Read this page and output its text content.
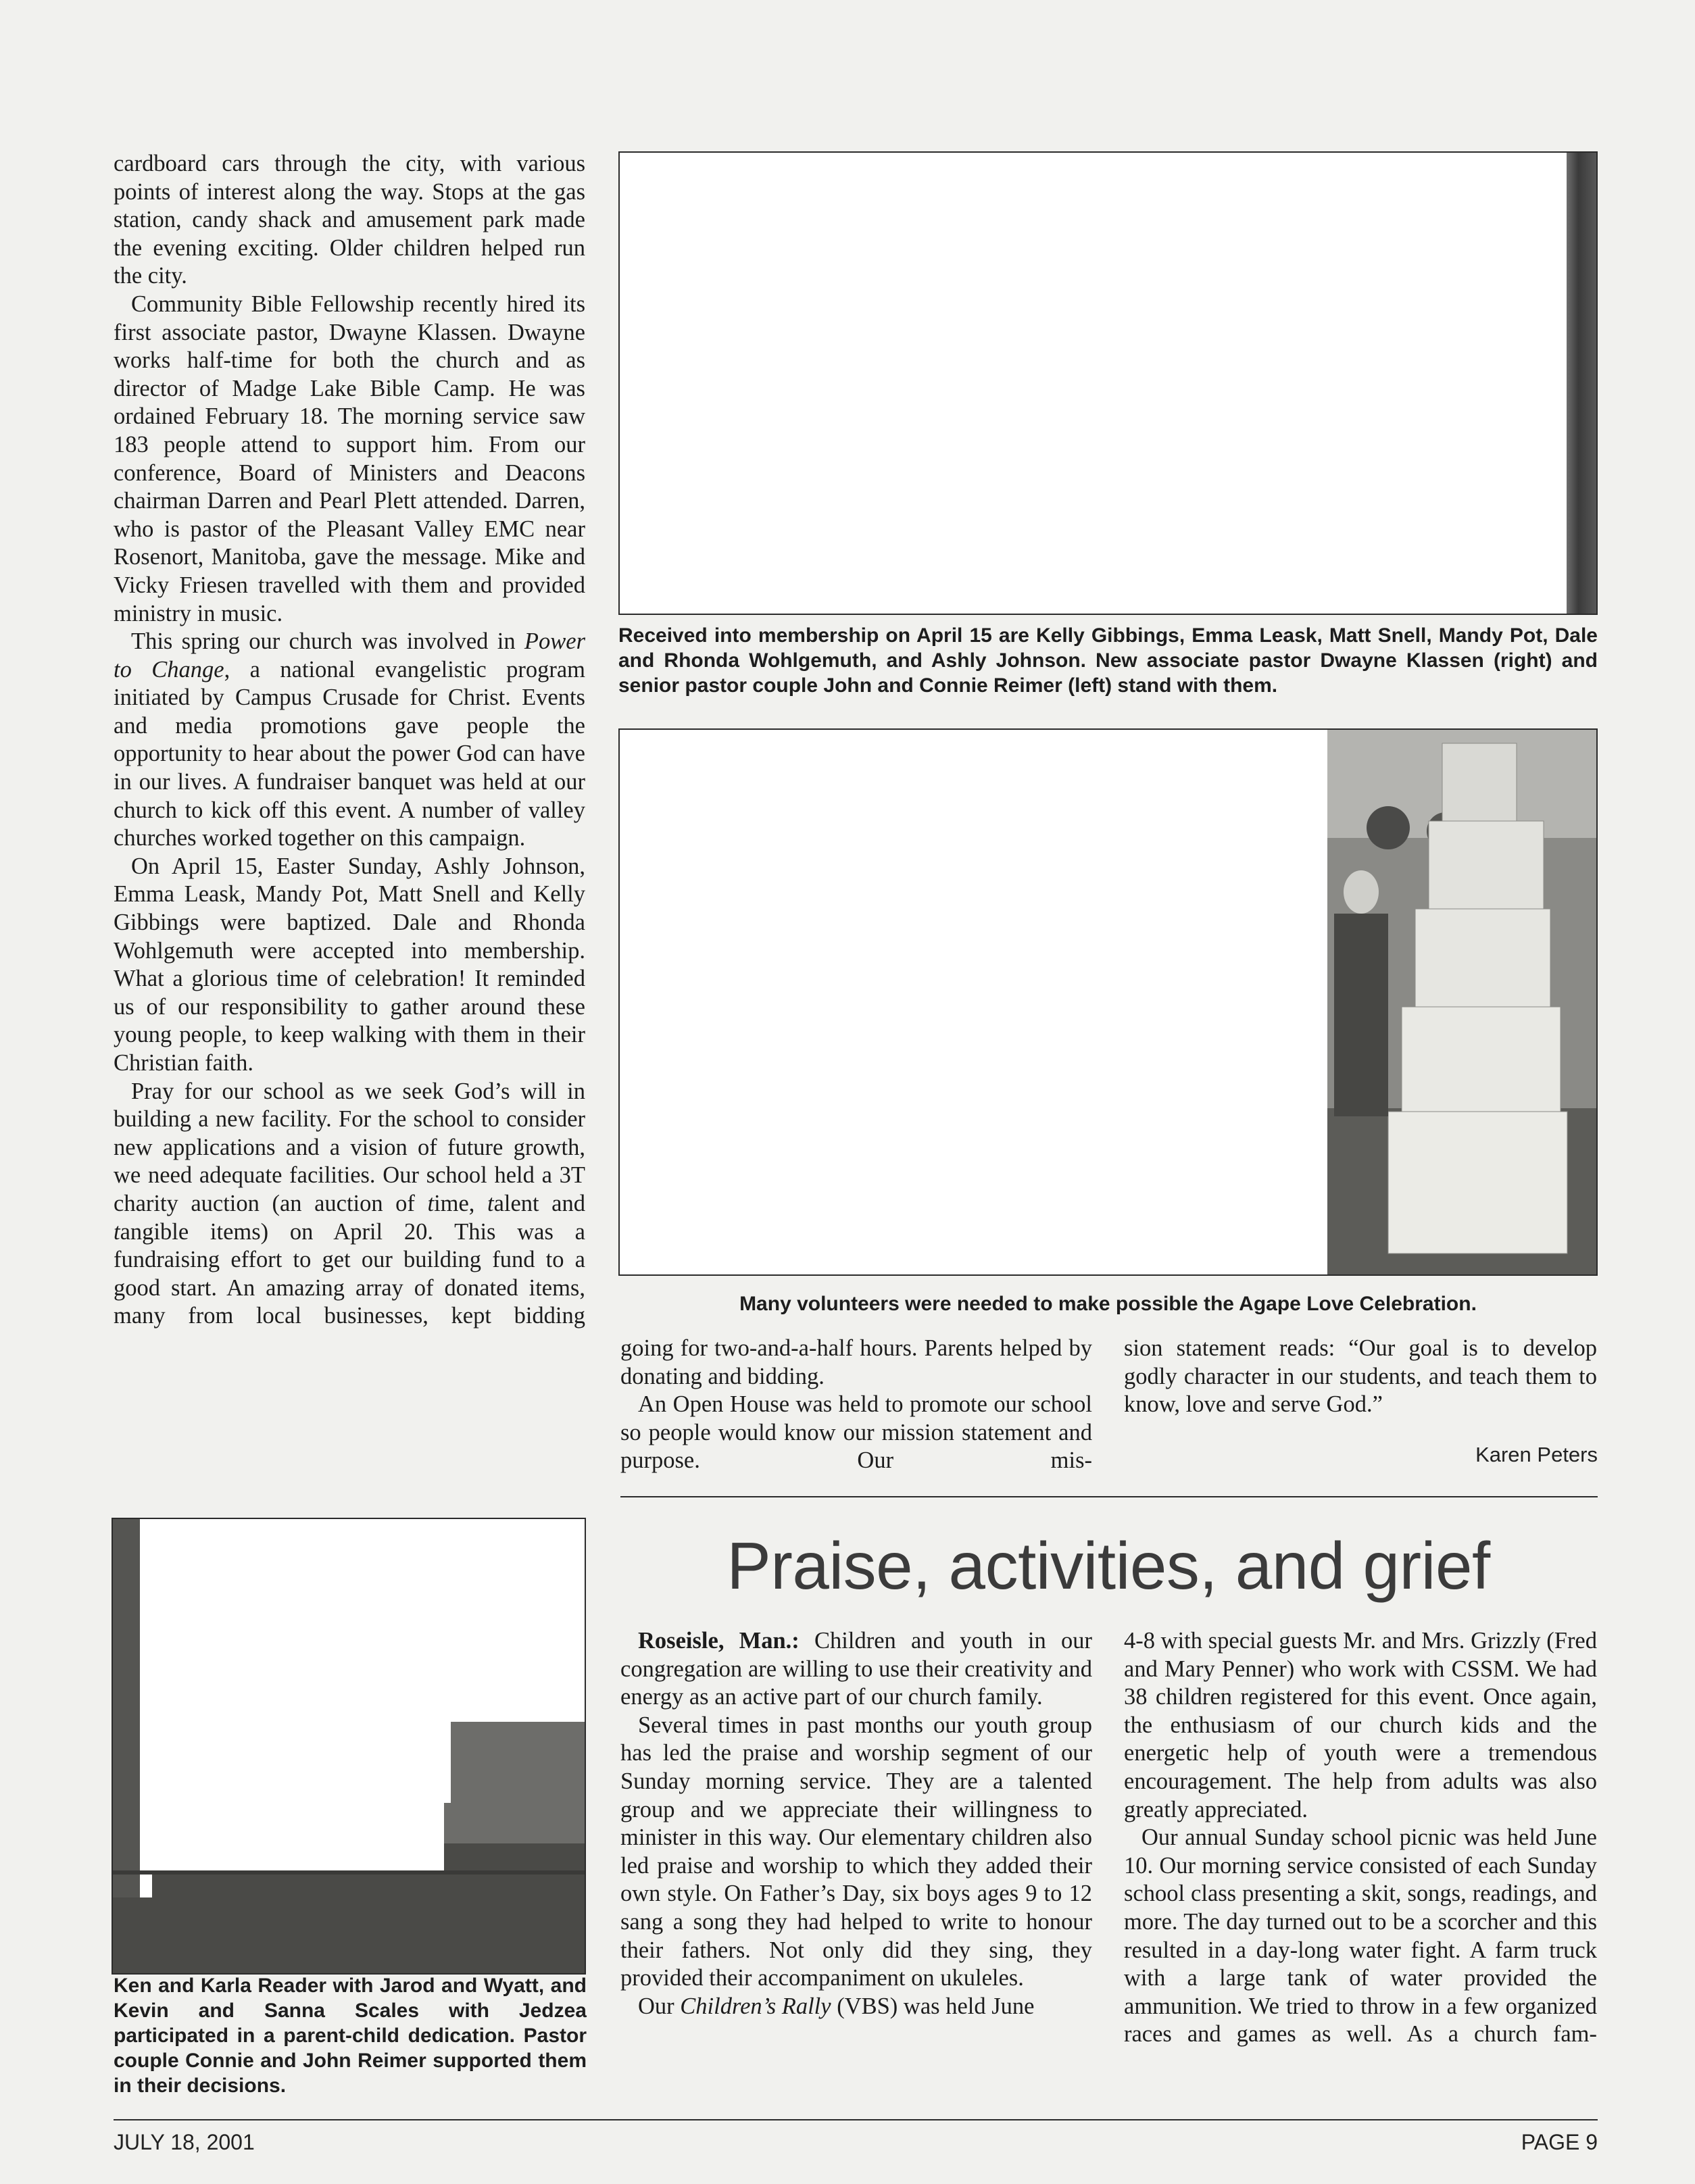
cardboard cars through the city, with various points of interest along the way. Stops at the gas station, candy shack and amusement park made the evening exciting. Older children helped run the city.

Community Bible Fellowship recently hired its first associate pastor, Dwayne Klassen. Dwayne works half-time for both the church and as director of Madge Lake Bible Camp. He was ordained February 18. The morning service saw 183 people attend to support him. From our conference, Board of Ministers and Deacons chairman Darren and Pearl Plett attended. Darren, who is pastor of the Pleasant Valley EMC near Rosenort, Manitoba, gave the message. Mike and Vicky Friesen travelled with them and provided ministry in music.

This spring our church was involved in Power to Change, a national evangelistic program initiated by Campus Crusade for Christ. Events and media promotions gave people the opportunity to hear about the power God can have in our lives. A fundraiser banquet was held at our church to kick off this event. A number of valley churches worked together on this campaign.

On April 15, Easter Sunday, Ashly Johnson, Emma Leask, Mandy Pot, Matt Snell and Kelly Gibbings were baptized. Dale and Rhonda Wohlgemuth were accepted into membership. What a glorious time of celebration! It reminded us of our responsibility to gather around these young people, to keep walking with them in their Christian faith.

Pray for our school as we seek God’s will in building a new facility. For the school to consider new applications and a vision of future growth, we need adequate facilities. Our school held a 3T charity auction (an auction of time, talent and tangible items) on April 20. This was a fundraising effort to get our building fund to a good start. An amazing array of donated items, many from local businesses, kept bidding

Received into membership on April 15 are Kelly Gibbings, Emma Leask, Matt Snell, Mandy Pot, Dale and Rhonda Wohlgemuth, and Ashly Johnson. New associate pastor Dwayne Klassen (right) and senior pastor couple John and Connie Reimer (left) stand with them.
Many volunteers were needed to make possible the Agape Love Celebration.

going for two-and-a-half hours. Parents helped by donating and bidding.

An Open House was held to promote our school so people would know our mission statement and purpose. Our mis-

sion statement reads: “Our goal is to develop godly character in our students, and teach them to know, love and serve God.”

Karen Peters
Ken and Karla Reader with Jarod and Wyatt, and Kevin and Sanna Scales with Jedzea participated in a parent-child dedication. Pastor couple Connie and John Reimer supported them in their decisions.
Praise, activities, and grief

Roseisle, Man.: Children and youth in our congregation are willing to use their creativity and energy as an active part of our church family.

Several times in past months our youth group has led the praise and worship segment of our Sunday morning service. They are a talented group and we appreciate their willingness to minister in this way. Our elementary children also led praise and worship to which they added their own style. On Father’s Day, six boys ages 9 to 12 sang a song they had helped to write to honour their fathers. Not only did they sing, they provided their accompaniment on ukuleles.

Our Children’s Rally (VBS) was held June

4-8 with special guests Mr. and Mrs. Grizzly (Fred and Mary Penner) who work with CSSM. We had 38 children registered for this event. Once again, the enthusiasm of our church kids and the energetic help of youth were a tremendous encouragement. The help from adults was also greatly appreciated.

Our annual Sunday school picnic was held June 10. Our morning service consisted of each Sunday school class presenting a skit, songs, readings, and more. The day turned out to be a scorcher and this resulted in a day-long water fight. A farm truck with a large tank of water provided the ammunition. We tried to throw in a few organized races and games as well. As a church fam-

JULY 18, 2001	PAGE 9
